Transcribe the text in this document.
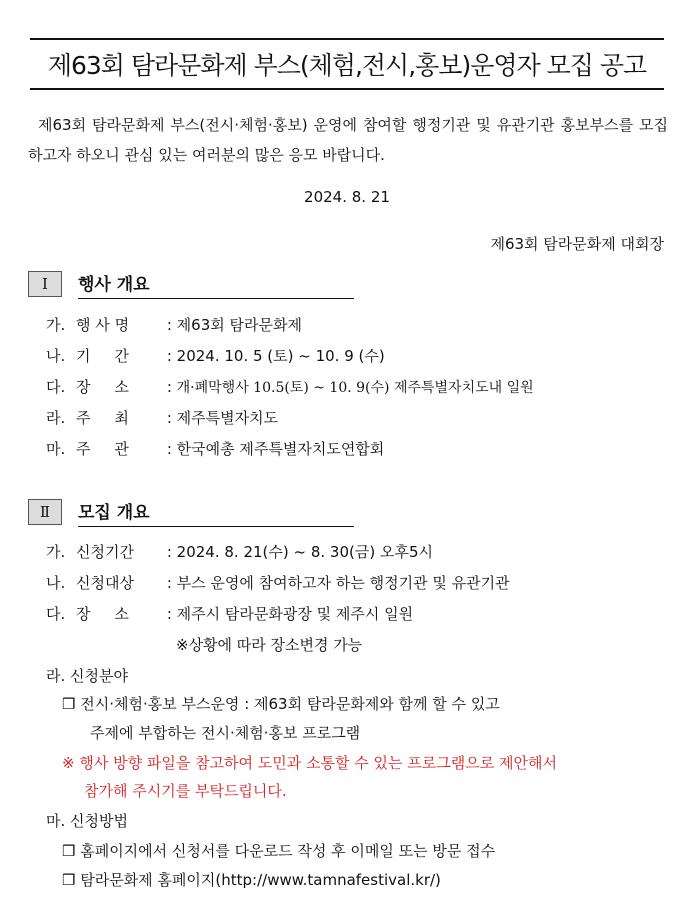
제63회 탐라문화제 부스(체험,전시,홍보)운영자 모집 공고
제63회 탐라문화제 부스(전시·체험·홍보) 운영에 참여할 행정기관 및 유관기관 홍보부스를 모집하고자 하오니 관심 있는 여러분의 많은 응모 바랍니다.
2024. 8. 21
제63회 탐라문화제 대회장
Ⅰ	행사 개요
가. 행 사 명	: 제63회 탐라문화제
나. 기     간	: 2024. 10. 5 (토) ~ 10. 9 (수)
다. 장     소	: 개·폐막행사 10.5(토) ~ 10. 9(수) 제주특별자치도내 일원
라. 주     최	: 제주특별자치도
마. 주     관	: 한국예총 제주특별자치도연합회
Ⅱ	모집 개요
가. 신청기간 : 2024. 8. 21(수) ~ 8. 30(금) 오후5시
나. 신청대상 : 부스 운영에 참여하고자 하는 행정기관 및 유관기관
다. 장     소	: 제주시 탐라문화광장 및 제주시 일원
※상황에 따라 장소변경 가능
라. 신청분야
❒ 전시·체험·홍보 부스운영 : 제63회 탐라문화제와 함께 할 수 있고
주제에 부합하는 전시·체험·홍보 프로그램
※ 행사 방향 파일을 참고하여 도민과 소통할 수 있는 프로그램으로 제안해서
참가해 주시기를 부탁드립니다.
마. 신청방법
❒ 홈페이지에서 신청서를 다운로드 작성 후 이메일 또는 방문 접수
❒ 탐라문화제 홈페이지(http://www.tamnafestival.kr/)
